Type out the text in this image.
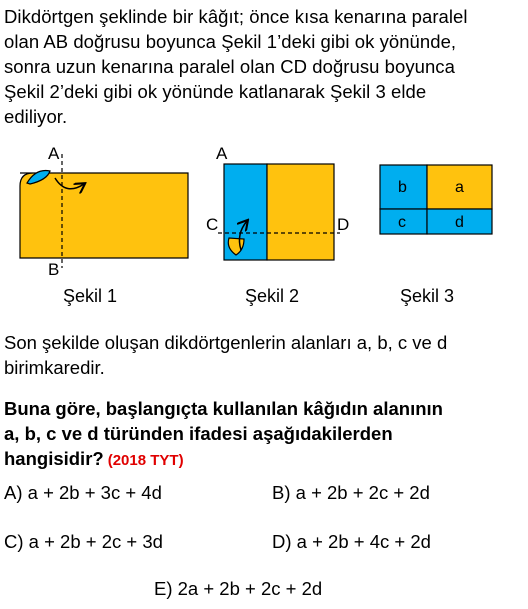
Dikdörtgen şeklinde bir kâğıt; önce kısa kenarına paralel
olan AB doğrusu boyunca Şekil 1’deki gibi ok yönünde,
sonra uzun kenarına paralel olan CD doğrusu boyunca
Şekil 2’deki gibi ok yönünde katlanarak Şekil 3 elde
ediliyor.
A
B
Şekil 1
A
C	D
Şekil 2
b	a
c	d
Şekil 3
Son şekilde oluşan dikdörtgenlerin alanları a, b, c ve d
birimkaredir.
Buna göre, başlangıçta kullanılan kâğıdın alanının
a, b, c ve d türünden ifadesi aşağıdakilerden
hangisidir? (2018 TYT)
A) a + 2b + 3c + 4d	B) a + 2b + 2c + 2d
C) a + 2b + 2c + 3d	D) a + 2b + 4c + 2d
E) 2a + 2b + 2c + 2d
